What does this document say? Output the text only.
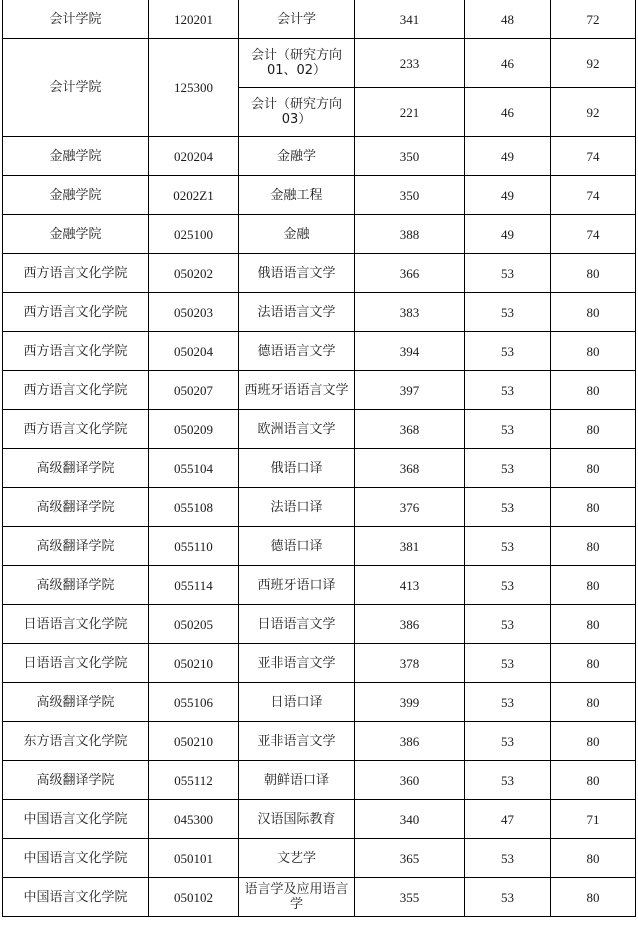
会计学院	120201	会计学	341	48	72
会计学院	125300	会计（研究方向01、02）	233	46	92
		会计（研究方向03）	221	46	92
金融学院	020204	金融学	350	49	74
金融学院	0202Z1	金融工程	350	49	74
金融学院	025100	金融	388	49	74
西方语言文化学院	050202	俄语语言文学	366	53	80
西方语言文化学院	050203	法语语言文学	383	53	80
西方语言文化学院	050204	德语语言文学	394	53	80
西方语言文化学院	050207	西班牙语语言文学	397	53	80
西方语言文化学院	050209	欧洲语言文学	368	53	80
高级翻译学院	055104	俄语口译	368	53	80
高级翻译学院	055108	法语口译	376	53	80
高级翻译学院	055110	德语口译	381	53	80
高级翻译学院	055114	西班牙语口译	413	53	80
日语语言文化学院	050205	日语语言文学	386	53	80
日语语言文化学院	050210	亚非语言文学	378	53	80
高级翻译学院	055106	日语口译	399	53	80
东方语言文化学院	050210	亚非语言文学	386	53	80
高级翻译学院	055112	朝鲜语口译	360	53	80
中国语言文化学院	045300	汉语国际教育	340	47	71
中国语言文化学院	050101	文艺学	365	53	80
中国语言文化学院	050102	语言学及应用语言学	355	53	80
